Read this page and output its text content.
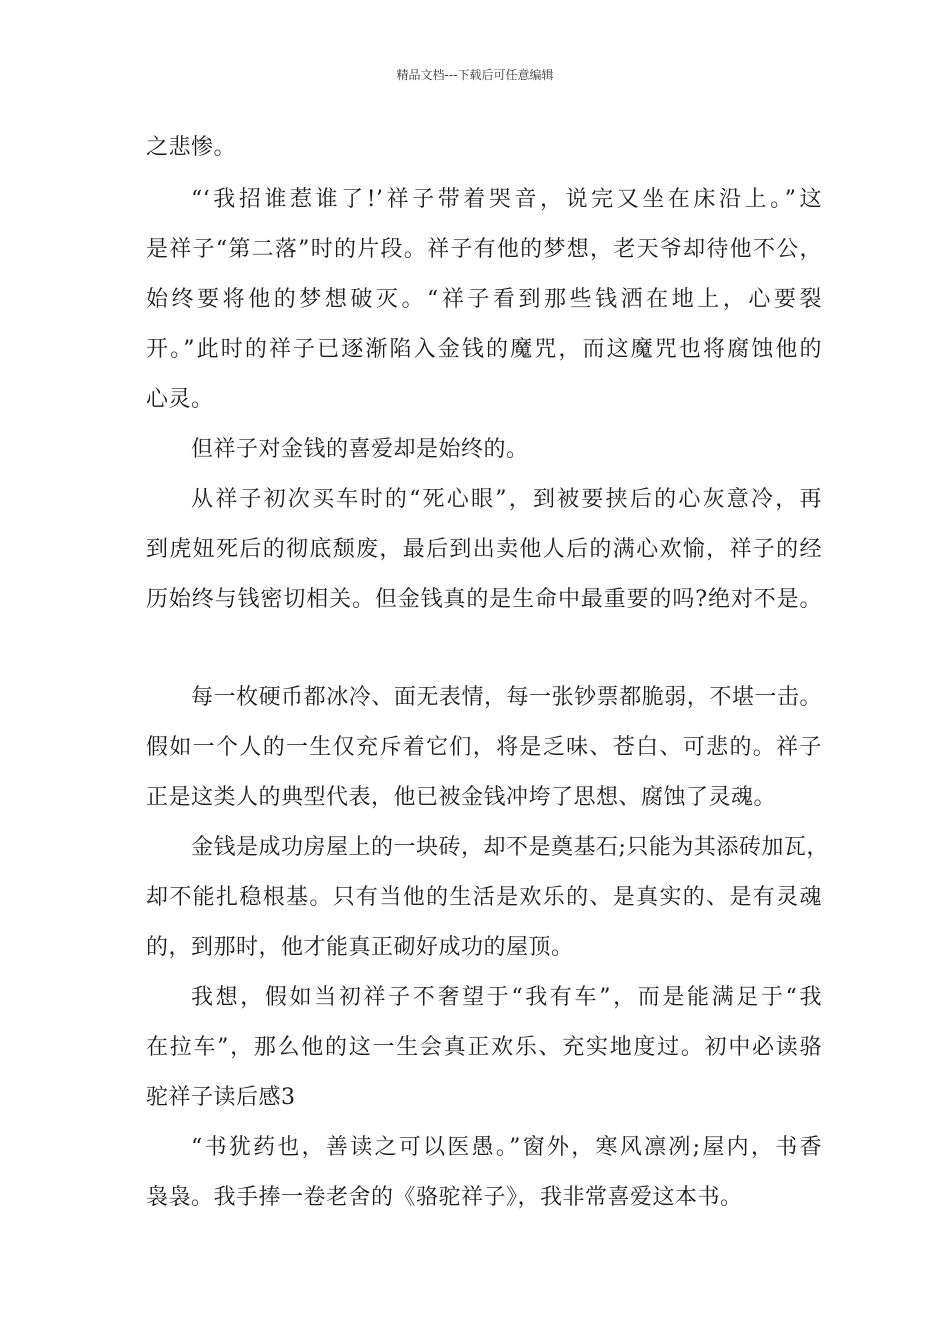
精品文档---下载后可任意编辑
之悲惨。
“‘我招谁惹谁了!’祥子带着哭音，说完又坐在床沿上。”这
是祥子“第二落”时的片段。祥子有他的梦想，老天爷却待他不公，
始终要将他的梦想破灭。“祥子看到那些钱洒在地上，心要裂
开。”此时的祥子已逐渐陷入金钱的魔咒，而这魔咒也将腐蚀他的
心灵。
但祥子对金钱的喜爱却是始终的。
从祥子初次买车时的“死心眼”，到被要挟后的心灰意冷，再
到虎妞死后的彻底颓废，最后到出卖他人后的满心欢愉，祥子的经
历始终与钱密切相关。但金钱真的是生命中最重要的吗?绝对不是。
每一枚硬币都冰冷、面无表情，每一张钞票都脆弱，不堪一击。
假如一个人的一生仅充斥着它们，将是乏味、苍白、可悲的。祥子
正是这类人的典型代表，他已被金钱冲垮了思想、腐蚀了灵魂。
金钱是成功房屋上的一块砖，却不是奠基石;只能为其添砖加瓦，
却不能扎稳根基。只有当他的生活是欢乐的、是真实的、是有灵魂
的，到那时，他才能真正砌好成功的屋顶。
我想，假如当初祥子不奢望于“我有车”，而是能满足于“我
在拉车”，那么他的这一生会真正欢乐、充实地度过。初中必读骆
驼祥子读后感3
“书犹药也，善读之可以医愚。”窗外，寒风凛冽;屋内，书香
袅袅。我手捧一卷老舍的《骆驼祥子》，我非常喜爱这本书。
